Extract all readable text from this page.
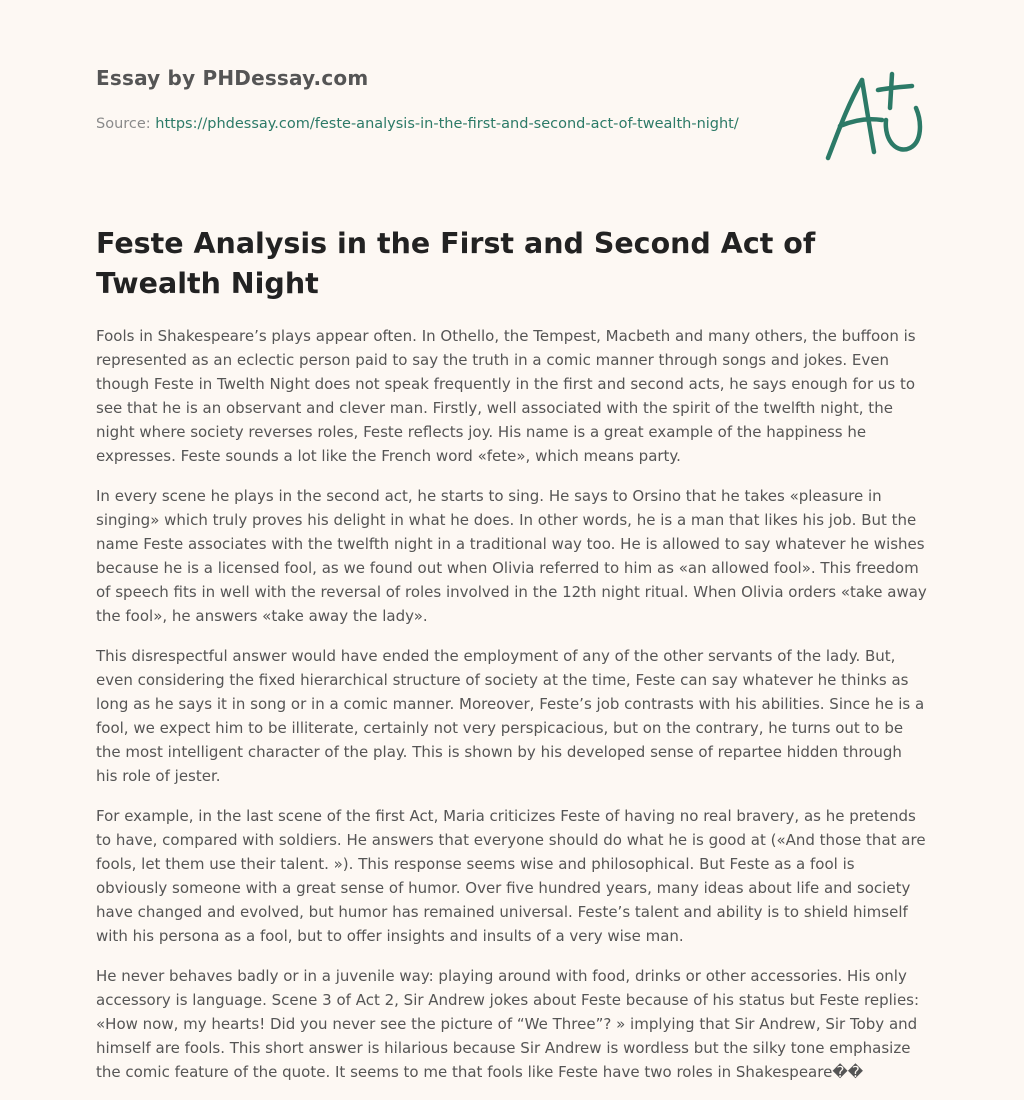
Essay by PHDessay.com
Source: https://phdessay.com/feste-analysis-in-the-first-and-second-act-of-twealth-night/
Feste Analysis in the First and Second Act of Twealth Night

Fools in Shakespeare’s plays appear often. In Othello, the Tempest, Macbeth and many others, the buffoon is represented as an eclectic person paid to say the truth in a comic manner through songs and jokes. Even though Feste in Twelth Night does not speak frequently in the first and second acts, he says enough for us to see that he is an observant and clever man. Firstly, well associated with the spirit of the twelfth night, the night where society reverses roles, Feste reflects joy. His name is a great example of the happiness he expresses. Feste sounds a lot like the French word «fete», which means party.

In every scene he plays in the second act, he starts to sing. He says to Orsino that he takes «pleasure in singing» which truly proves his delight in what he does. In other words, he is a man that likes his job. But the name Feste associates with the twelfth night in a traditional way too. He is allowed to say whatever he wishes because he is a licensed fool, as we found out when Olivia referred to him as «an allowed fool». This freedom of speech fits in well with the reversal of roles involved in the 12th night ritual. When Olivia orders «take away the fool», he answers «take away the lady».

This disrespectful answer would have ended the employment of any of the other servants of the lady. But, even considering the fixed hierarchical structure of society at the time, Feste can say whatever he thinks as long as he says it in song or in a comic manner. Moreover, Feste’s job contrasts with his abilities. Since he is a fool, we expect him to be illiterate, certainly not very perspicacious, but on the contrary, he turns out to be the most intelligent character of the play. This is shown by his developed sense of repartee hidden through his role of jester.

For example, in the last scene of the first Act, Maria criticizes Feste of having no real bravery, as he pretends to have, compared with soldiers. He answers that everyone should do what he is good at («And those that are fools, let them use their talent. »). This response seems wise and philosophical. But Feste as a fool is obviously someone with a great sense of humor. Over five hundred years, many ideas about life and society have changed and evolved, but humor has remained universal. Feste’s talent and ability is to shield himself with his persona as a fool, but to offer insights and insults of a very wise man.

He never behaves badly or in a juvenile way: playing around with food, drinks or other accessories. His only accessory is language. Scene 3 of Act 2, Sir Andrew jokes about Feste because of his status but Feste replies: «How now, my hearts! Did you never see the picture of “We Three”? » implying that Sir Andrew, Sir Toby and himself are fools. This short answer is hilarious because Sir Andrew is wordless but the silky tone emphasize the comic feature of the quote. It seems to me that fools like Feste have two roles in Shakespeare��
